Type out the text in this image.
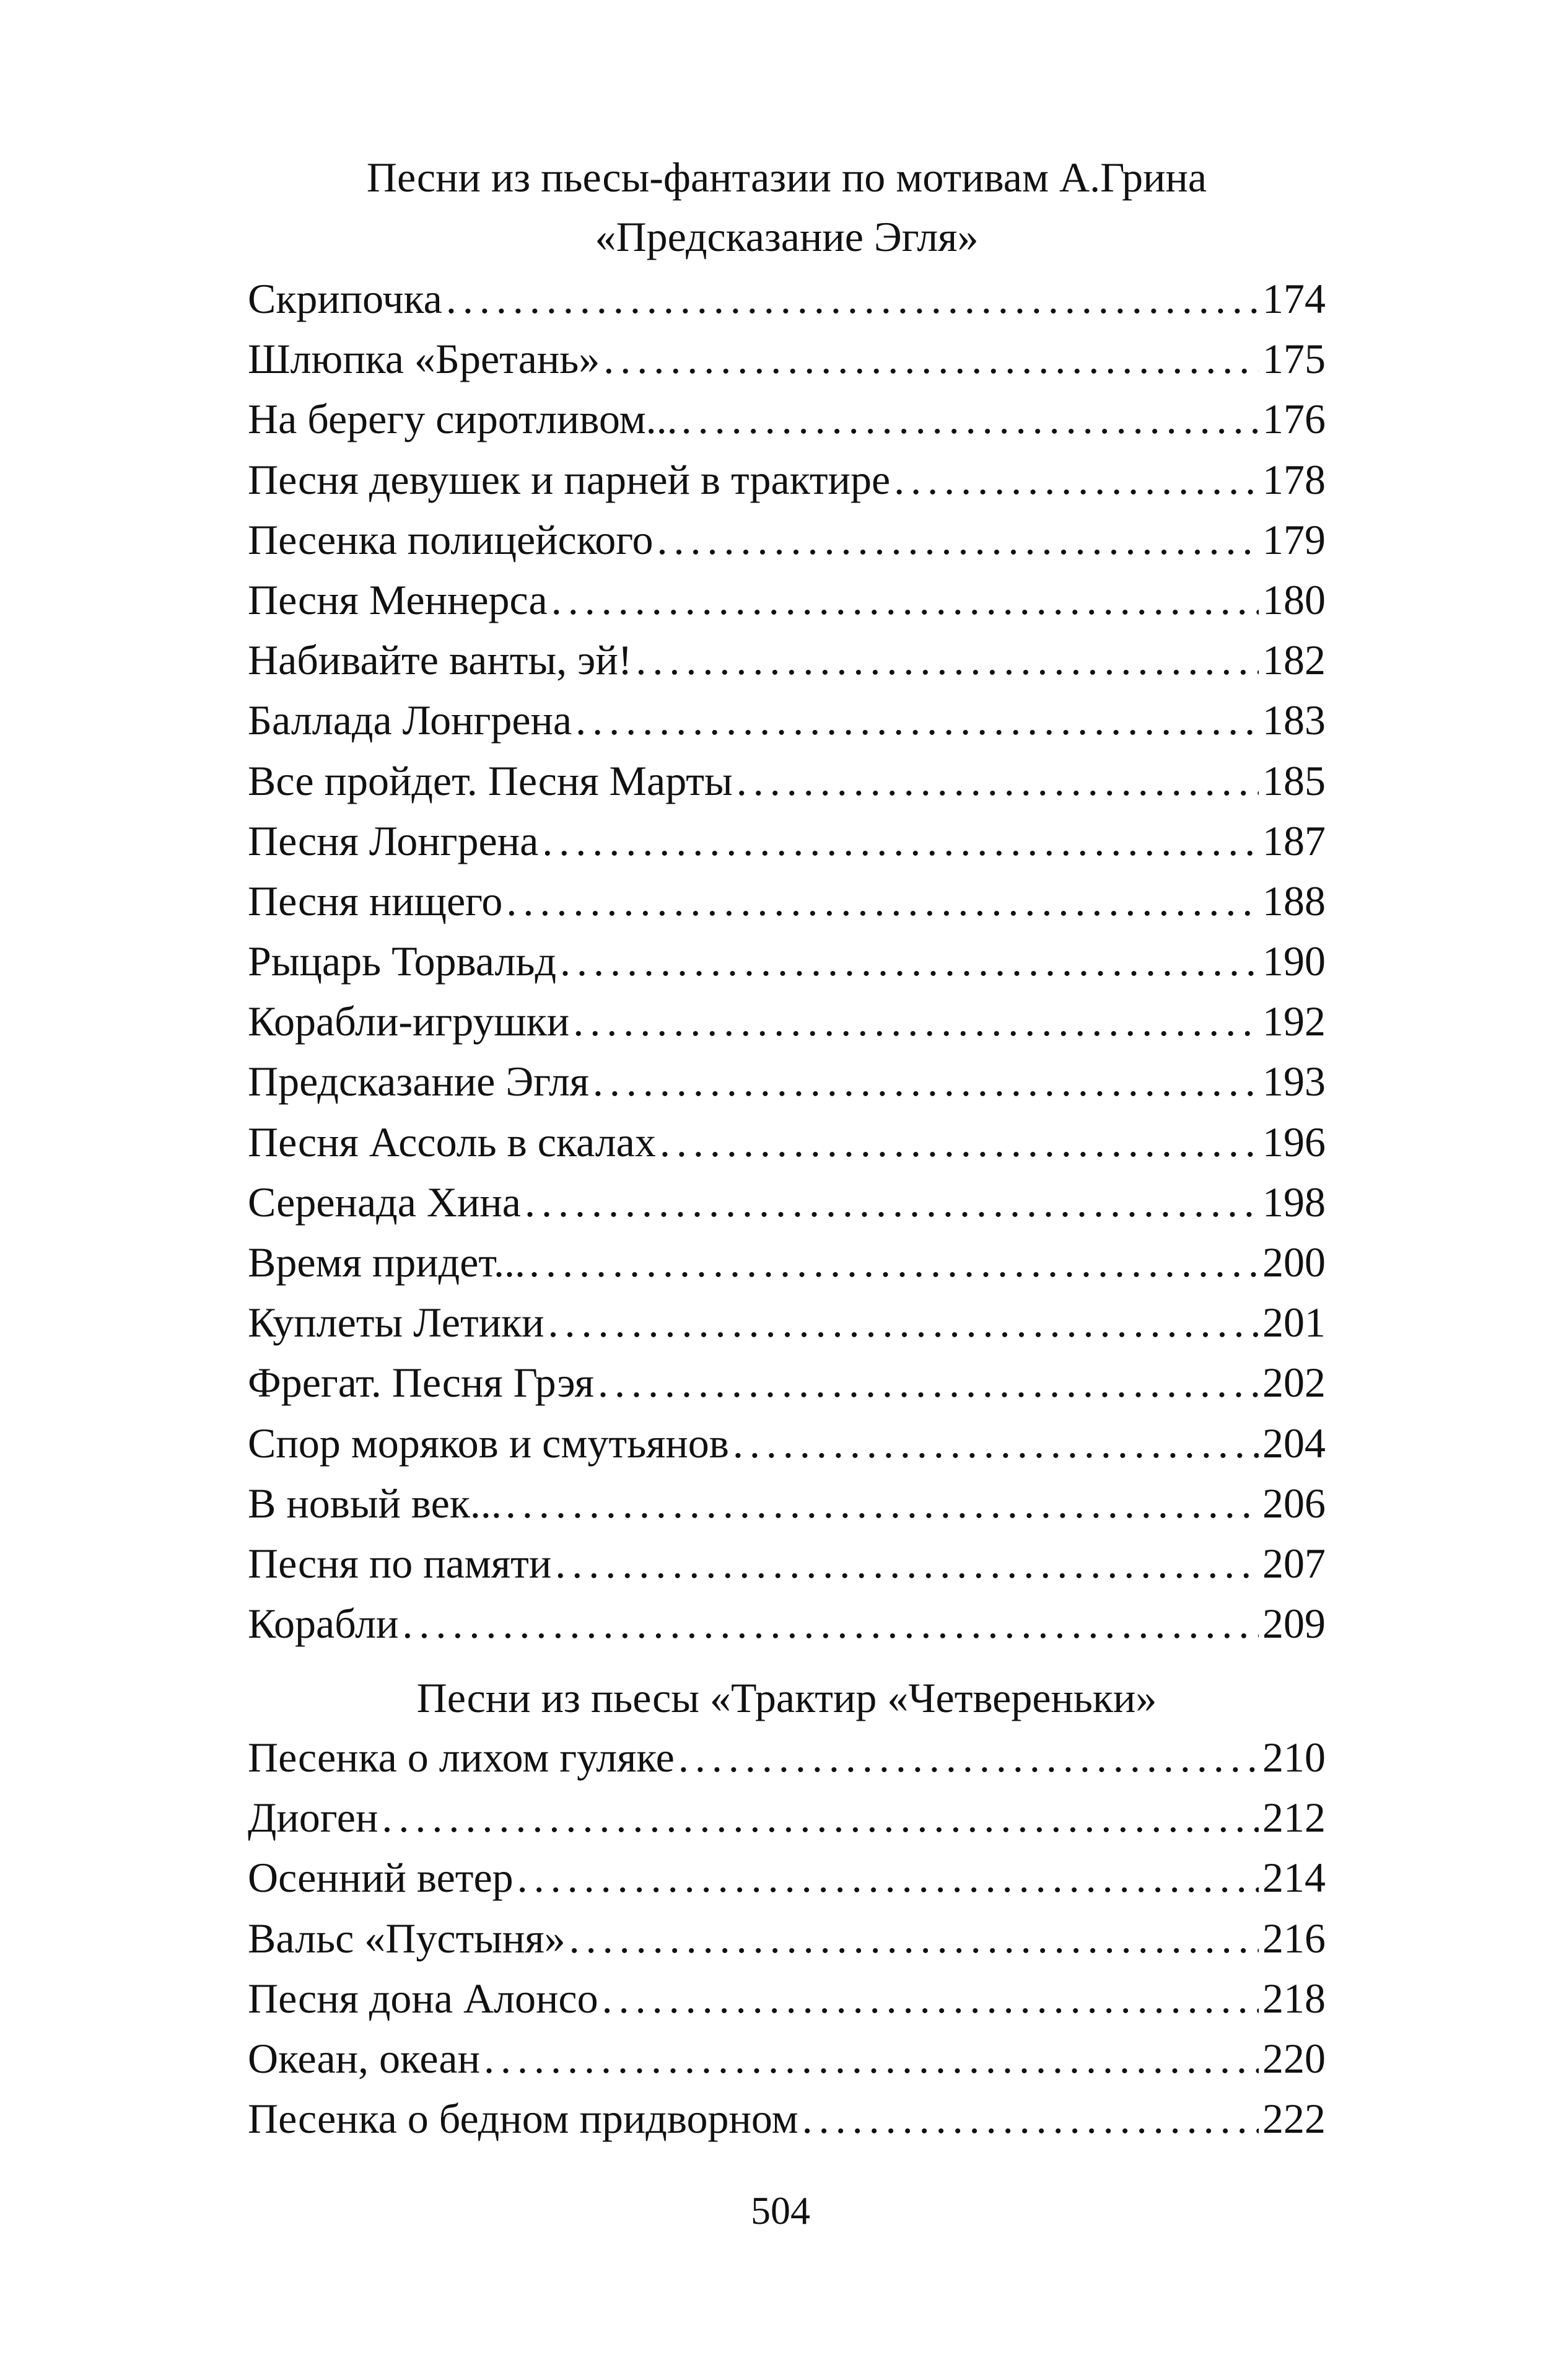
Песни из пьесы-фантазии по мотивам А.Грина «Предсказание Эгля»
Скрипочка .....	174
Шлюпка «Бретань» .....	175
На берегу сиротливом... .....	176
Песня девушек и парней в трактире .....	178
Песенка полицейского .....	179
Песня Меннерса .....	180
Набивайте ванты, эй! .....	182
Баллада Лонгрена .....	183
Все пройдет. Песня Марты .....	185
Песня Лонгрена .....	187
Песня нищего .....	188
Рыцарь Торвальд .....	190
Корабли-игрушки .....	192
Предсказание Эгля .....	193
Песня Ассоль в скалах .....	196
Серенада Хина .....	198
Время придет... .....	200
Куплеты Летики .....	201
Фрегат. Песня Грэя .....	202
Спор моряков и смутьянов .....	204
В новый век... .....	206
Песня по памяти .....	207
Корабли .....	209
Песни из пьесы «Трактир «Четвереньки»
Песенка о лихом гуляке .....	210
Диоген .....	212
Осенний ветер .....	214
Вальс «Пустыня» .....	216
Песня дона Алонсо .....	218
Океан, океан .....	220
Песенка о бедном придворном .....	222
504
